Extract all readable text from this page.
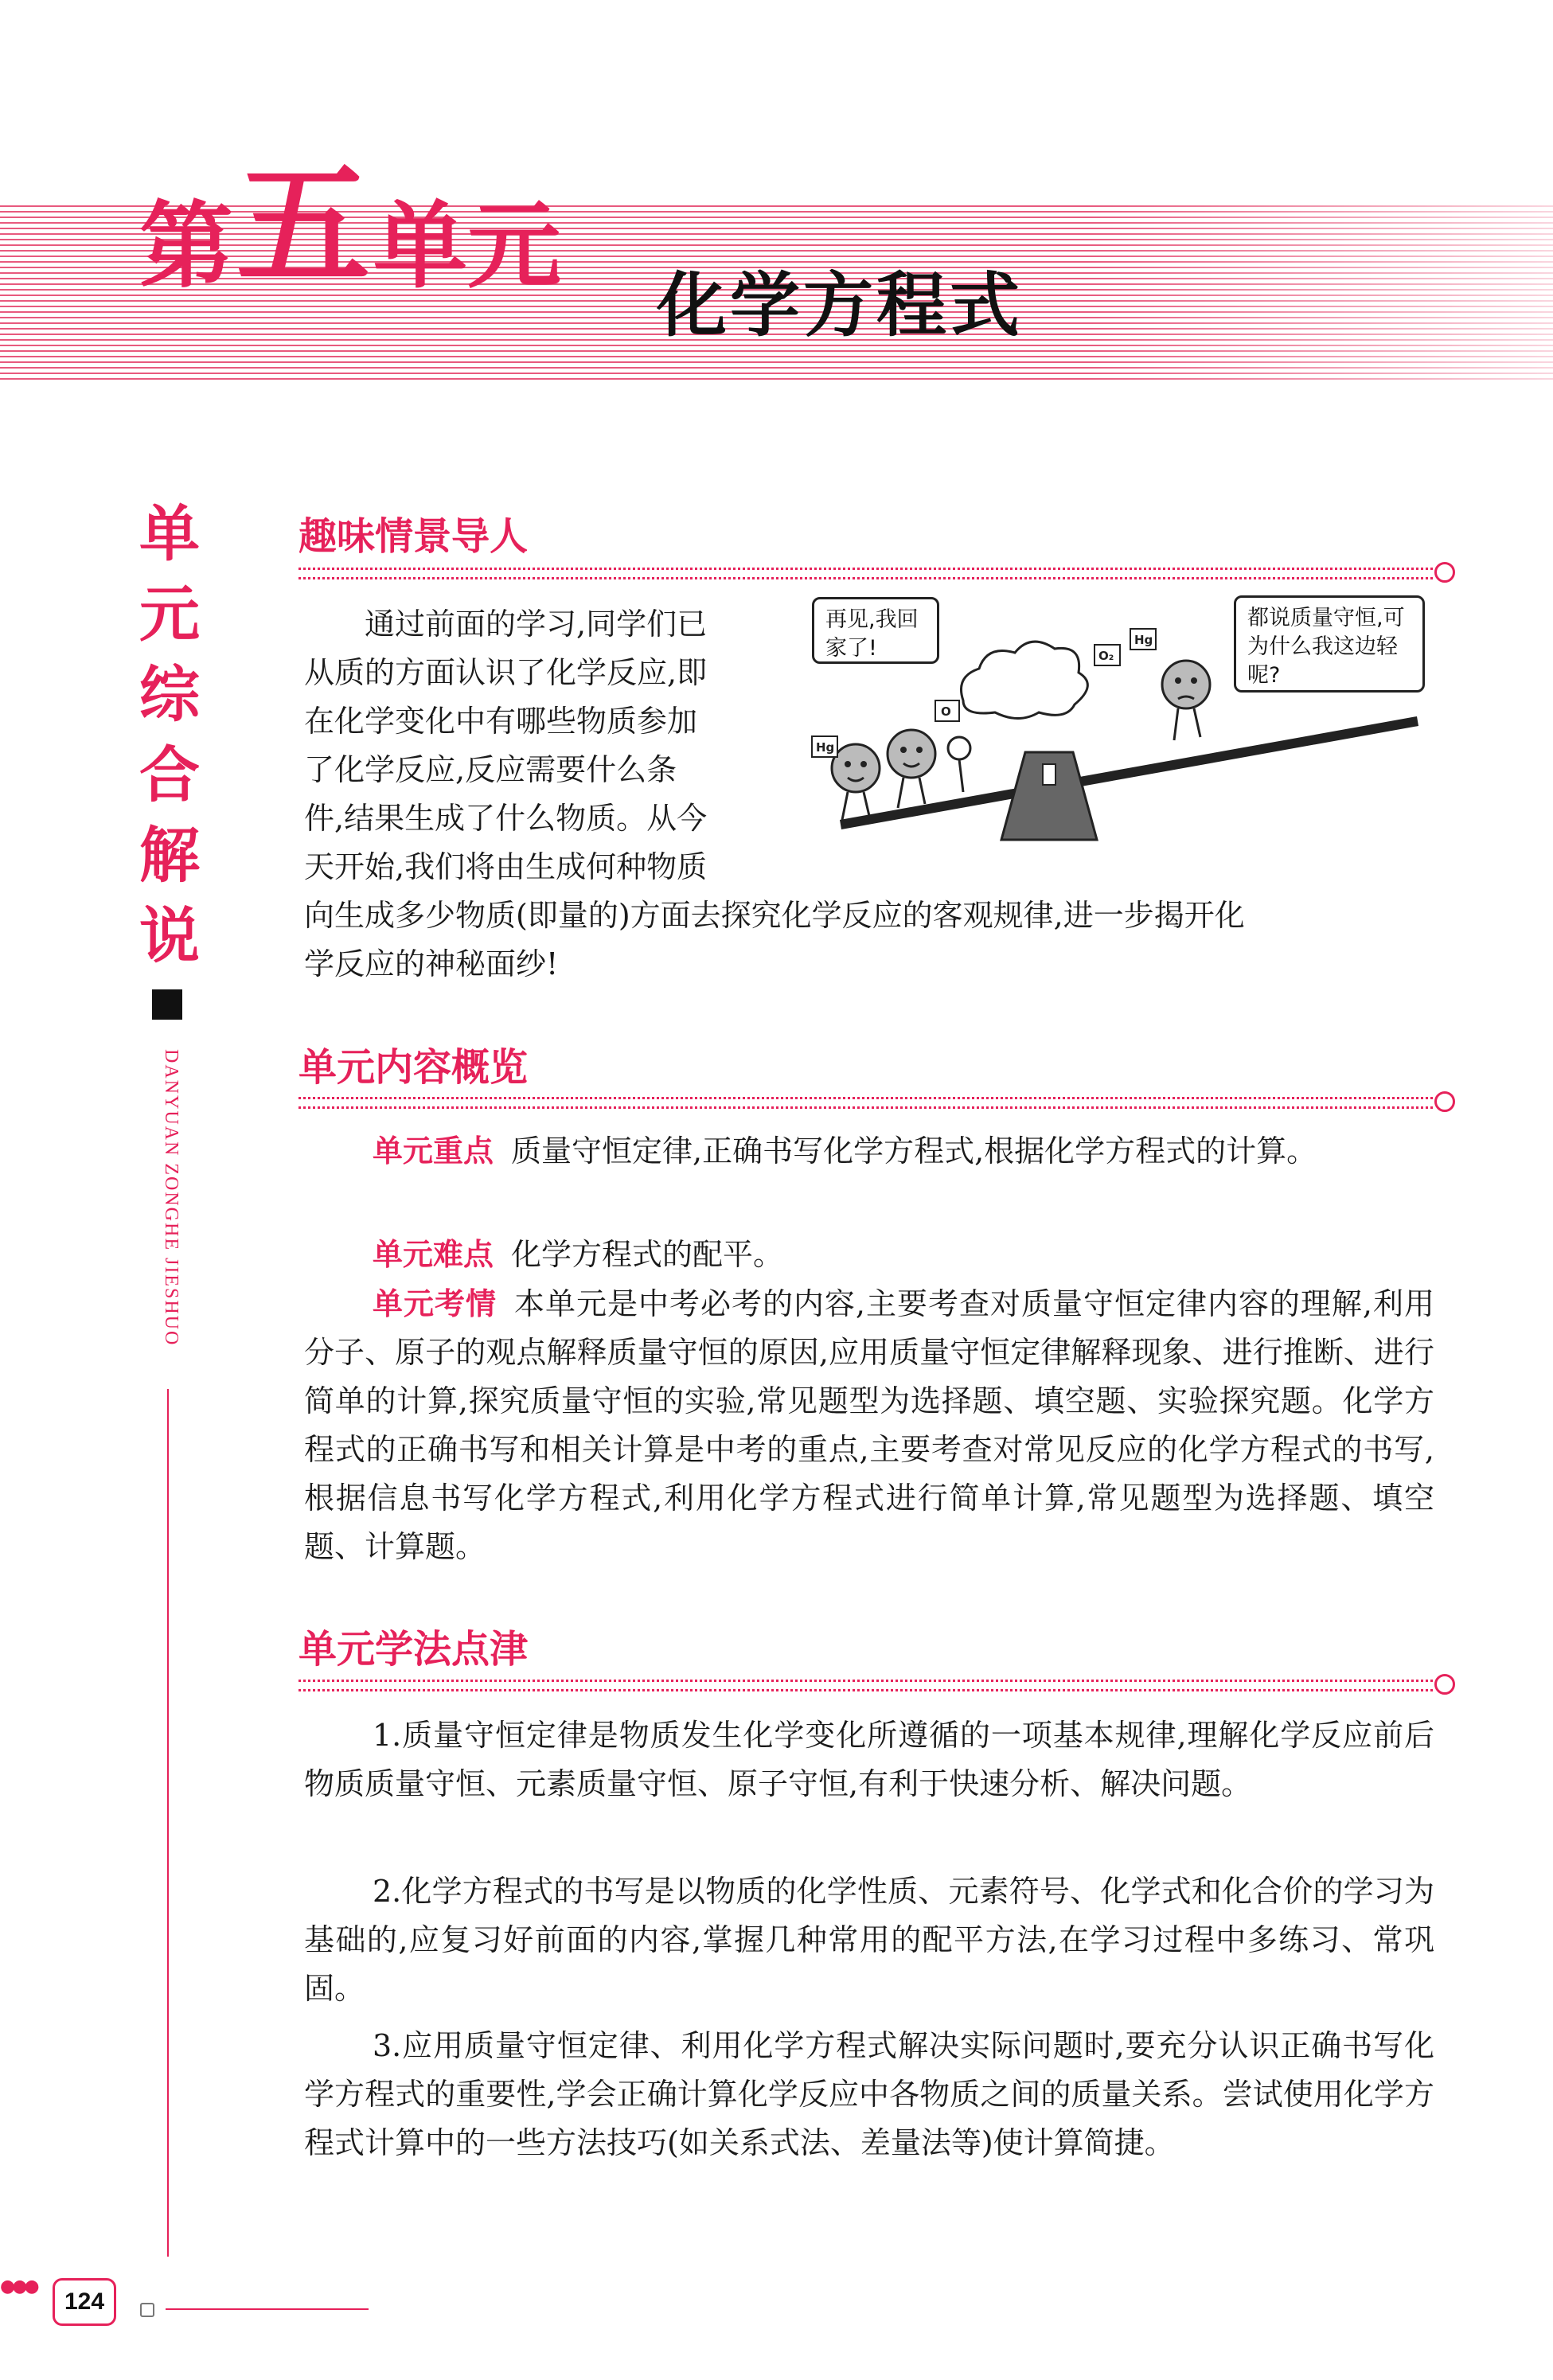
第五单元
化学方程式
单元综合解说
DANYUAN ZONGHE JIESHUO
趣味情景导人

通过前面的学习,同学们已
从质的方面认识了化学反应,即
在化学变化中有哪些物质参加
了化学反应,反应需要什么条
件,结果生成了什么物质。从今
天开始,我们将由生成何种物质

向生成多少物质(即量的)方面去探究化学反应的客观规律,进一步揭开化
学反应的神秘面纱!

Hg
O
Hg
O₂
再见,我回家了!
都说质量守恒,可为什么我这边轻呢?
单元内容概览

单元重点 质量守恒定律,正确书写化学方程式,根据化学方程式的计算。

单元难点 化学方程式的配平。

单元考情 本单元是中考必考的内容,主要考查对质量守恒定律内容的理解,利用分子、原子的观点解释质量守恒的原因,应用质量守恒定律解释现象、进行推断、进行简单的计算,探究质量守恒的实验,常见题型为选择题、填空题、实验探究题。化学方程式的正确书写和相关计算是中考的重点,主要考查对常见反应的化学方程式的书写,根据信息书写化学方程式,利用化学方程式进行简单计算,常见题型为选择题、填空题、计算题。

单元学法点津

1.质量守恒定律是物质发生化学变化所遵循的一项基本规律,理解化学反应前后物质质量守恒、元素质量守恒、原子守恒,有利于快速分析、解决问题。

2.化学方程式的书写是以物质的化学性质、元素符号、化学式和化合价的学习为基础的,应复习好前面的内容,掌握几种常用的配平方法,在学习过程中多练习、常巩固。

3.应用质量守恒定律、利用化学方程式解决实际问题时,要充分认识正确书写化学方程式的重要性,学会正确计算化学反应中各物质之间的质量关系。尝试使用化学方程式计算中的一些方法技巧(如关系式法、差量法等)使计算简捷。

●●●
124
